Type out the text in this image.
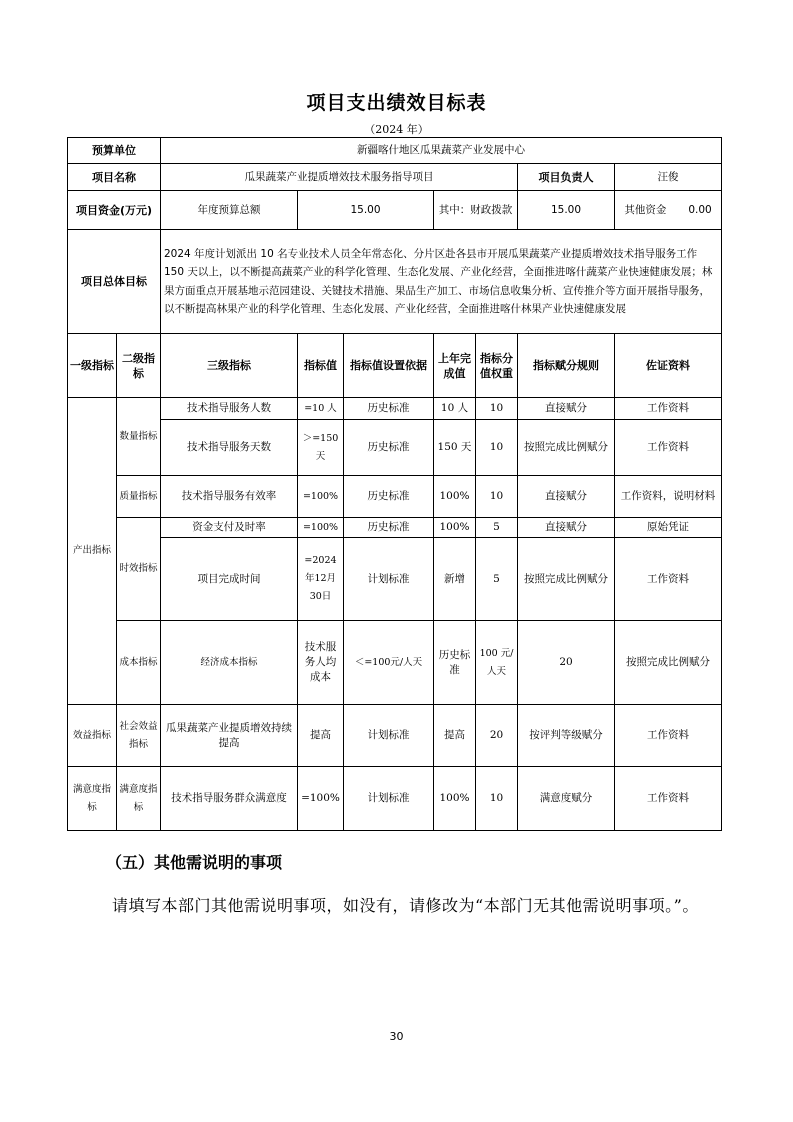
项目支出绩效目标表
（2024 年）
预算单位		新疆喀什地区瓜果蔬菜产业发展中心							
项目名称		瓜果蔬菜产业提质增效技术服务指导项目					项目负责人	汪俊	
项目资金(万元)		年度预算总额	15.00		其中：财政拨款		15.00	其他资金 0.00	
项目总体目标		2024 年度计划派出 10 名专业技术人员全年常态化、分片区赴各县市开展瓜果蔬菜产业提质增效技术指导服务工作 150 天以上，以不断提高蔬菜产业的科学化管理、生态化发展、产业化经营，全面推进喀什蔬菜产业快速健康发展；林果方面重点开展基地示范园建设、关键技术措施、果品生产加工、市场信息收集分析、宣传推介等方面开展指导服务，以不断提高林果产业的科学化管理、生态化发展、产业化经营，全面推进喀什林果产业快速健康发展							
一级指标	二级指标	三级指标	指标值	指标值设置依据	上年完成值	指标分值权重	指标赋分规则	佐证资料	
产出指标	数量指标	技术指导服务人数	=10 人	历史标准	10 人	10	直接赋分	工作资料	
		技术指导服务天数	＞=150天	历史标准	150 天	10	按照完成比例赋分	工作资料	
	质量指标	技术指导服务有效率	=100%	历史标准	100%	10	直接赋分	工作资料，说明材料	
	时效指标	资金支付及时率	=100%	历史标准	100%	5	直接赋分	原始凭证	
		项目完成时间	=2024年12月30日	计划标准	新增	5	按照完成比例赋分	工作资料	
	成本指标	经济成本指标	技术服务人均成本	＜=100元/人天	历史标准	100 元/人天	20	按照完成比例赋分	
效益指标	社会效益指标	瓜果蔬菜产业提质增效持续提高	提高	计划标准	提高	20	按评判等级赋分	工作资料	
满意度指标	满意度指标	技术指导服务群众满意度	=100%	计划标准	100%	10	满意度赋分	工作资料	
（五）其他需说明的事项
请填写本部门其他需说明事项，如没有，请修改为“本部门无其他需说明事项。”。
30
